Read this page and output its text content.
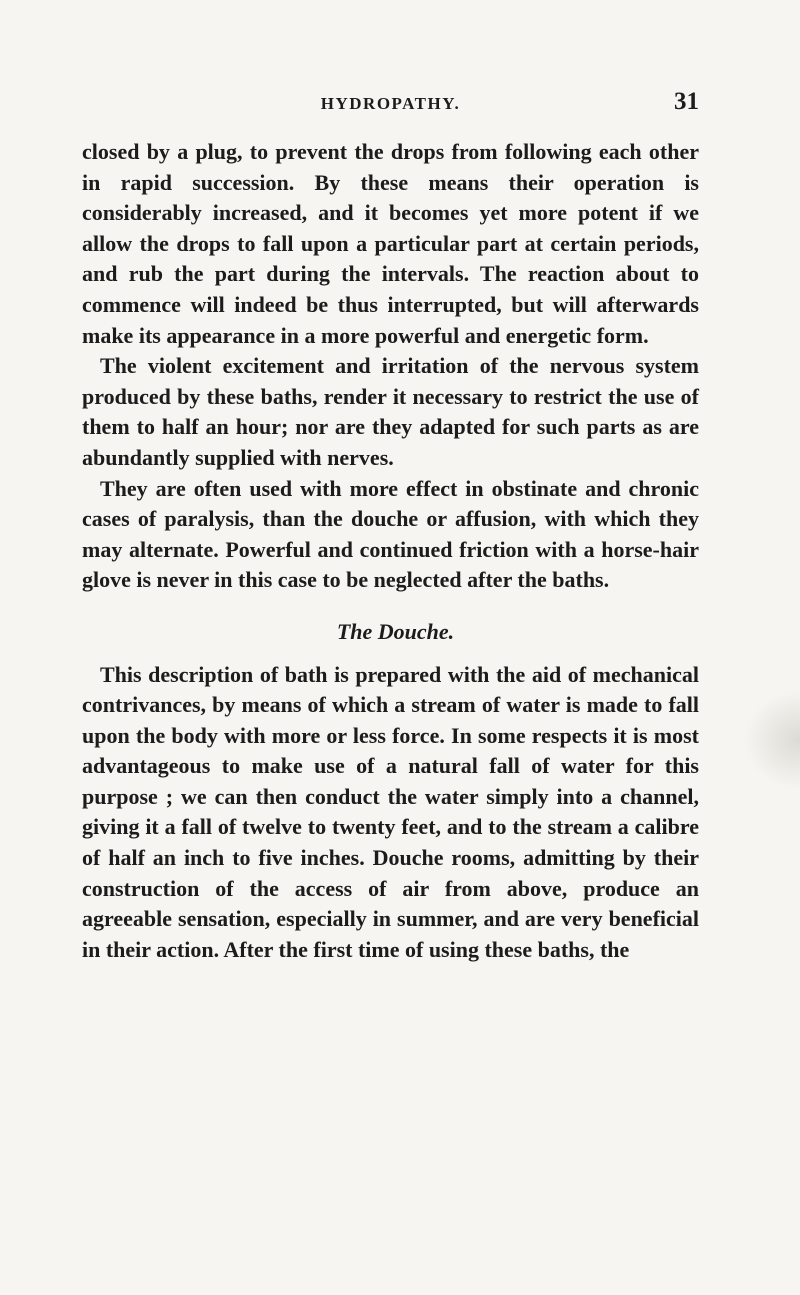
HYDROPATHY.	31

closed by a plug, to prevent the drops from following each other in rapid succession. By these means their operation is considerably increased, and it becomes yet more potent if we allow the drops to fall upon a particular part at certain periods, and rub the part during the intervals. The reaction about to commence will indeed be thus interrupted, but will afterwards make its appearance in a more powerful and energetic form.

The violent excitement and irritation of the nervous system produced by these baths, render it necessary to restrict the use of them to half an hour; nor are they adapted for such parts as are abundantly supplied with nerves.

They are often used with more effect in obstinate and chronic cases of paralysis, than the douche or affusion, with which they may alternate. Powerful and continued friction with a horse-hair glove is never in this case to be neglected after the baths.

The Douche.

This description of bath is prepared with the aid of mechanical contrivances, by means of which a stream of water is made to fall upon the body with more or less force. In some respects it is most advantageous to make use of a natural fall of water for this purpose ; we can then conduct the water simply into a channel, giving it a fall of twelve to twenty feet, and to the stream a calibre of half an inch to five inches. Douche rooms, admitting by their construction of the access of air from above, produce an agreeable sensation, especially in summer, and are very beneficial in their action. After the first time of using these baths, the
